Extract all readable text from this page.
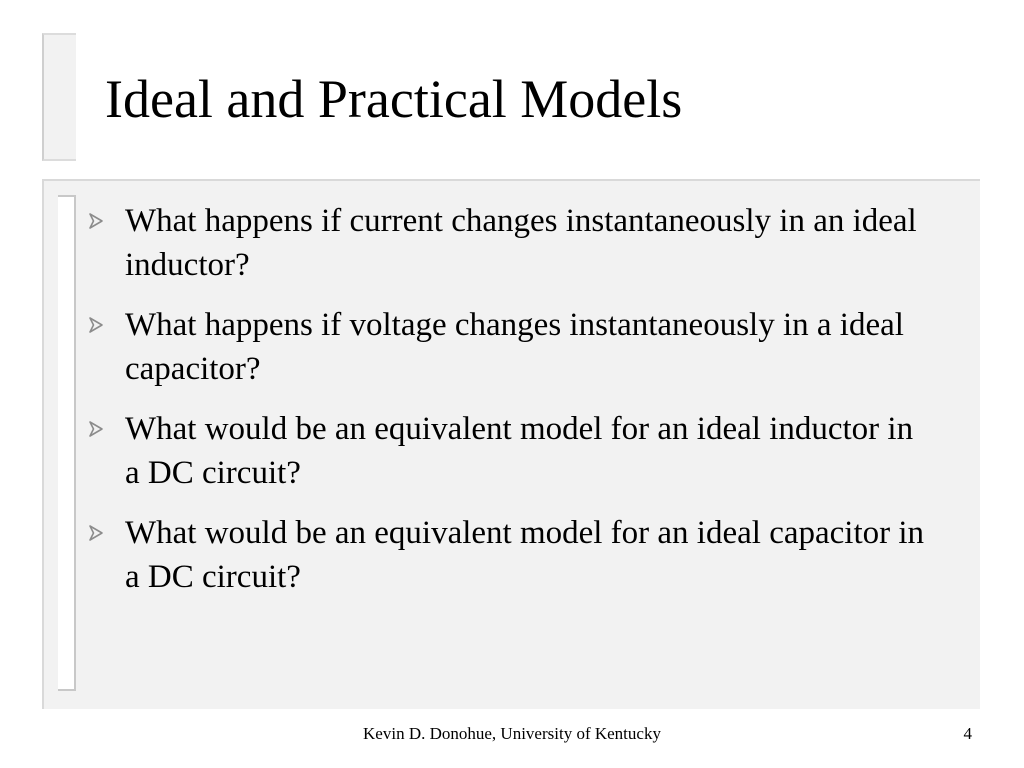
Ideal and Practical Models
What happens if current changes instantaneously in an ideal inductor?
What happens if voltage changes instantaneously in a ideal capacitor?
What would be an equivalent model for an ideal inductor in a DC circuit?
What would be an equivalent model for an ideal capacitor in a DC circuit?
Kevin D. Donohue, University of Kentucky	4
